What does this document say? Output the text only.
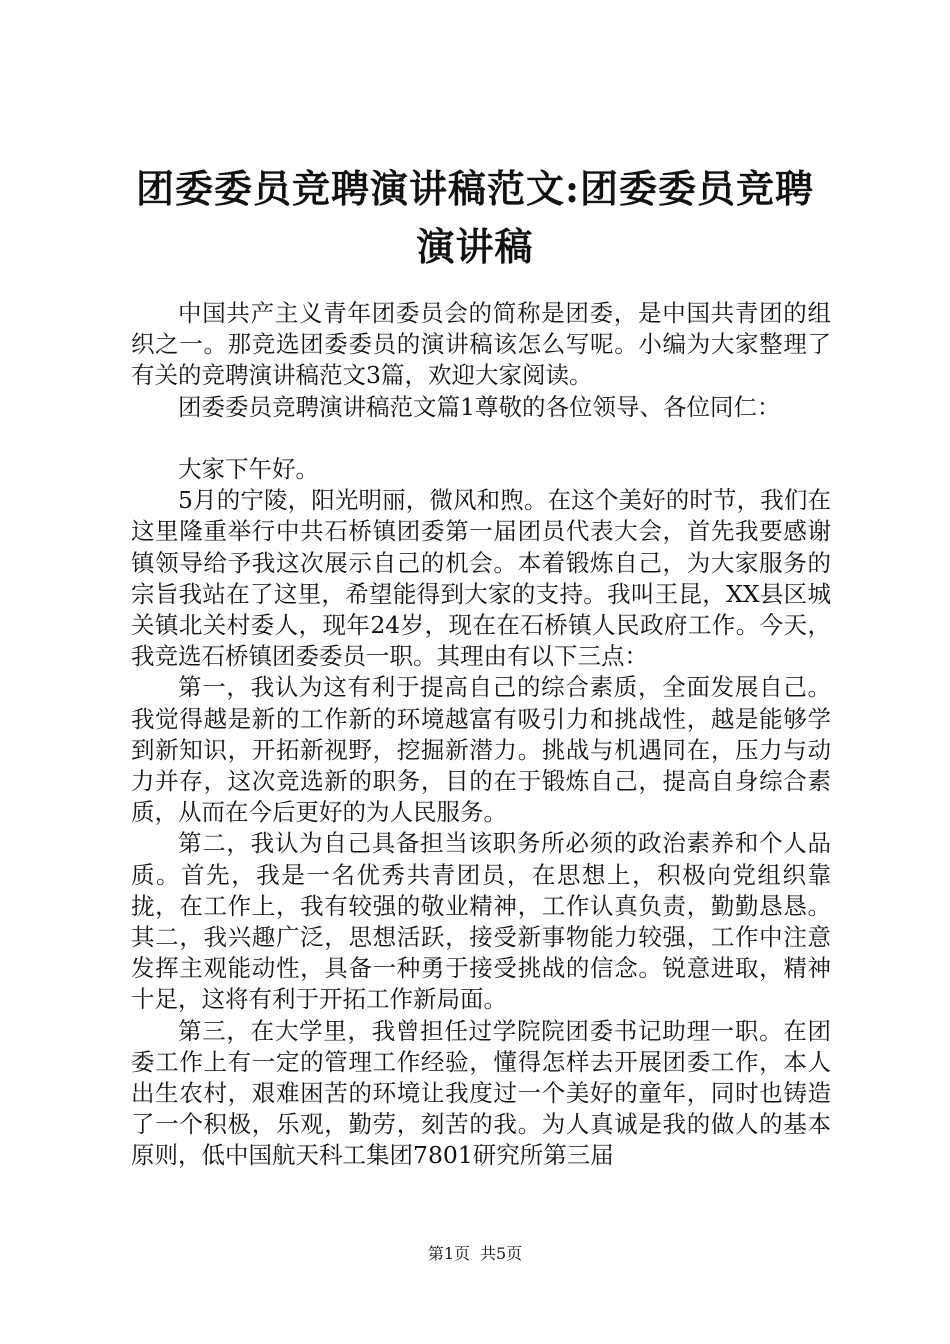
团委委员竞聘演讲稿范文:团委委员竞聘演讲稿

中国共产主义青年团委员会的简称是团委，是中国共青团的组织之一。那竞选团委委员的演讲稿该怎么写呢。小编为大家整理了有关的竞聘演讲稿范文3篇，欢迎大家阅读。

团委委员竞聘演讲稿范文篇1尊敬的各位领导、各位同仁：

大家下午好。

5月的宁陵，阳光明丽，微风和煦。在这个美好的时节，我们在这里隆重举行中共石桥镇团委第一届团员代表大会，首先我要感谢镇领导给予我这次展示自己的机会。本着锻炼自己，为大家服务的宗旨我站在了这里，希望能得到大家的支持。我叫王昆，XX县区城关镇北关村委人，现年24岁，现在在石桥镇人民政府工作。今天，我竞选石桥镇团委委员一职。其理由有以下三点：

第一，我认为这有利于提高自己的综合素质，全面发展自己。我觉得越是新的工作新的环境越富有吸引力和挑战性，越是能够学到新知识，开拓新视野，挖掘新潜力。挑战与机遇同在，压力与动力并存，这次竞选新的职务，目的在于锻炼自己，提高自身综合素质，从而在今后更好的为人民服务。

第二，我认为自己具备担当该职务所必须的政治素养和个人品质。首先，我是一名优秀共青团员，在思想上，积极向党组织靠拢，在工作上，我有较强的敬业精神，工作认真负责，勤勤恳恳。其二，我兴趣广泛，思想活跃，接受新事物能力较强，工作中注意发挥主观能动性，具备一种勇于接受挑战的信念。锐意进取，精神十足，这将有利于开拓工作新局面。

第三，在大学里，我曾担任过学院院团委书记助理一职。在团委工作上有一定的管理工作经验，懂得怎样去开展团委工作，本人出生农村，艰难困苦的环境让我度过一个美好的童年，同时也铸造了一个积极，乐观，勤劳，刻苦的我。为人真诚是我的做人的基本原则，低中国航天科工集团7801研究所第三届

第1页 共5页
